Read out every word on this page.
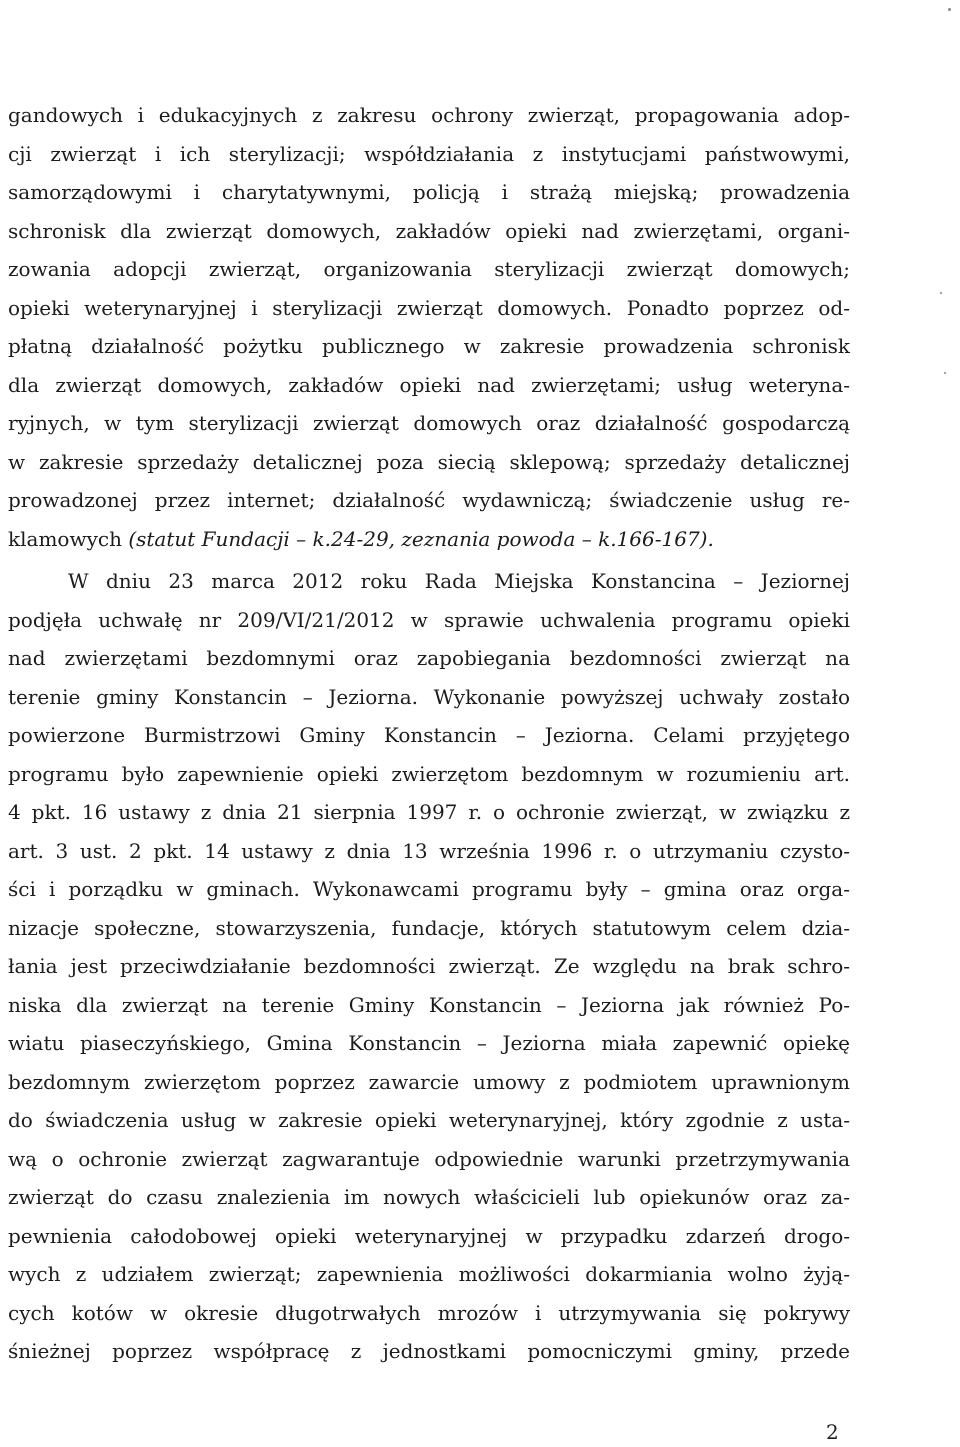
gandowych i edukacyjnych z zakresu ochrony zwierząt, propagowania adop-
cji zwierząt i ich sterylizacji; współdziałania z instytucjami państwowymi,
samorządowymi i charytatywnymi, policją i strażą miejską; prowadzenia
schronisk dla zwierząt domowych, zakładów opieki nad zwierzętami, organi-
zowania adopcji zwierząt, organizowania sterylizacji zwierząt domowych;
opieki weterynaryjnej i sterylizacji zwierząt domowych. Ponadto poprzez od-
płatną działalność pożytku publicznego w zakresie prowadzenia schronisk
dla zwierząt domowych, zakładów opieki nad zwierzętami; usług weteryna-
ryjnych, w tym sterylizacji zwierząt domowych oraz działalność gospodarczą
w zakresie sprzedaży detalicznej poza siecią sklepową; sprzedaży detalicznej
prowadzonej przez internet; działalność wydawniczą; świadczenie usług re-
klamowych (statut Fundacji – k.24-29, zeznania powoda – k.166-167).
W dniu 23 marca 2012 roku Rada Miejska Konstancina – Jeziornej
podjęła uchwałę nr 209/VI/21/2012 w sprawie uchwalenia programu opieki
nad zwierzętami bezdomnymi oraz zapobiegania bezdomności zwierząt na
terenie gminy Konstancin – Jeziorna. Wykonanie powyższej uchwały zostało
powierzone Burmistrzowi Gminy Konstancin – Jeziorna. Celami przyjętego
programu było zapewnienie opieki zwierzętom bezdomnym w rozumieniu art.
4 pkt. 16 ustawy z dnia 21 sierpnia 1997 r. o ochronie zwierząt, w związku z
art. 3 ust. 2 pkt. 14 ustawy z dnia 13 września 1996 r. o utrzymaniu czysto-
ści i porządku w gminach. Wykonawcami programu były – gmina oraz orga-
nizacje społeczne, stowarzyszenia, fundacje, których statutowym celem dzia-
łania jest przeciwdziałanie bezdomności zwierząt. Ze względu na brak schro-
niska dla zwierząt na terenie Gminy Konstancin – Jeziorna jak również Po-
wiatu piaseczyńskiego, Gmina Konstancin – Jeziorna miała zapewnić opiekę
bezdomnym zwierzętom poprzez zawarcie umowy z podmiotem uprawnionym
do świadczenia usług w zakresie opieki weterynaryjnej, który zgodnie z usta-
wą o ochronie zwierząt zagwarantuje odpowiednie warunki przetrzymywania
zwierząt do czasu znalezienia im nowych właścicieli lub opiekunów oraz za-
pewnienia całodobowej opieki weterynaryjnej w przypadku zdarzeń drogo-
wych z udziałem zwierząt; zapewnienia możliwości dokarmiania wolno żyją-
cych kotów w okresie długotrwałych mrozów i utrzymywania się pokrywy
śnieżnej poprzez współpracę z jednostkami pomocniczymi gminy, przede
2
